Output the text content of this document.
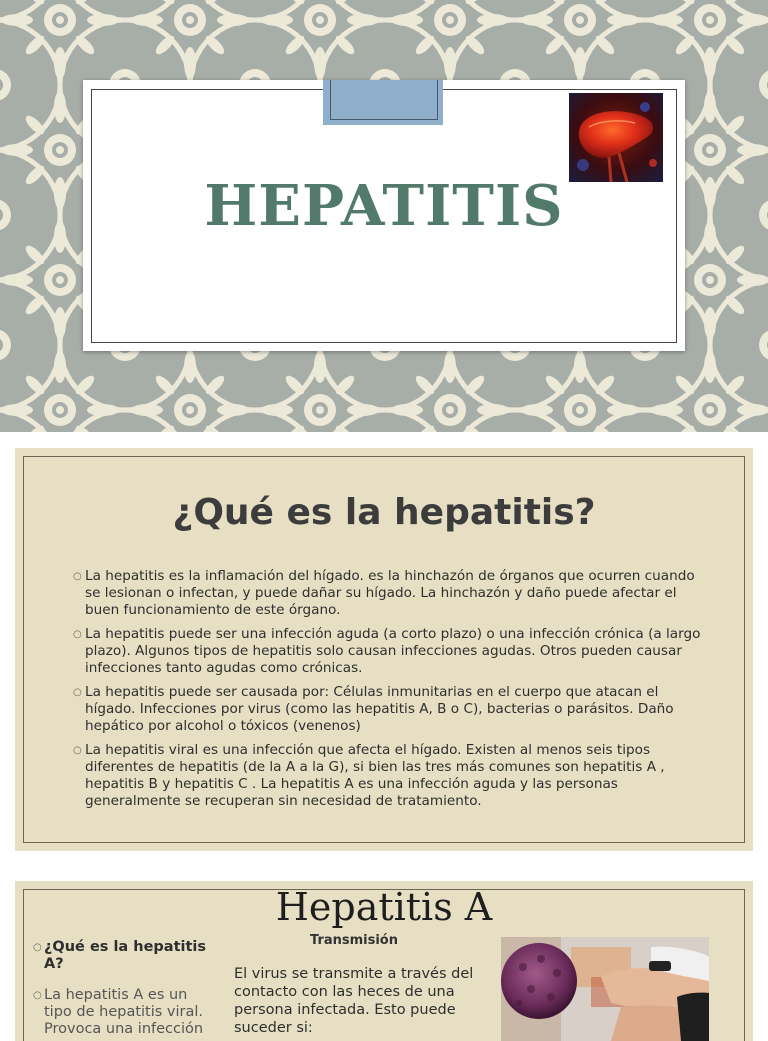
HEPATITIS
¿Qué es la hepatitis?
○ La hepatitis es la inflamación del hígado. es la hinchazón de órganos que ocurren cuando se lesionan o infectan, y puede dañar su hígado. La hinchazón y daño puede afectar el buen funcionamiento de este órgano.
○ La hepatitis puede ser una infección aguda (a corto plazo) o una infección crónica (a largo plazo). Algunos tipos de hepatitis solo causan infecciones agudas. Otros pueden causar infecciones tanto agudas como crónicas.
○ La hepatitis puede ser causada por: Células inmunitarias en el cuerpo que atacan el hígado. Infecciones por virus (como las hepatitis A, B o C), bacterias o parásitos. Daño hepático por alcohol o tóxicos (venenos)
○ La hepatitis viral es una infección que afecta el hígado. Existen al menos seis tipos diferentes de hepatitis (de la A a la G), si bien las tres más comunes son hepatitis A , hepatitis B y hepatitis C . La hepatitis A es una infección aguda y las personas generalmente se recuperan sin necesidad de tratamiento.
Hepatitis A
○ ¿Qué es la hepatitis A?
○ La hepatitis A es un tipo de hepatitis viral. Provoca una infección
Transmisión
El virus se transmite a través del contacto con las heces de una persona infectada. Esto puede suceder si:
